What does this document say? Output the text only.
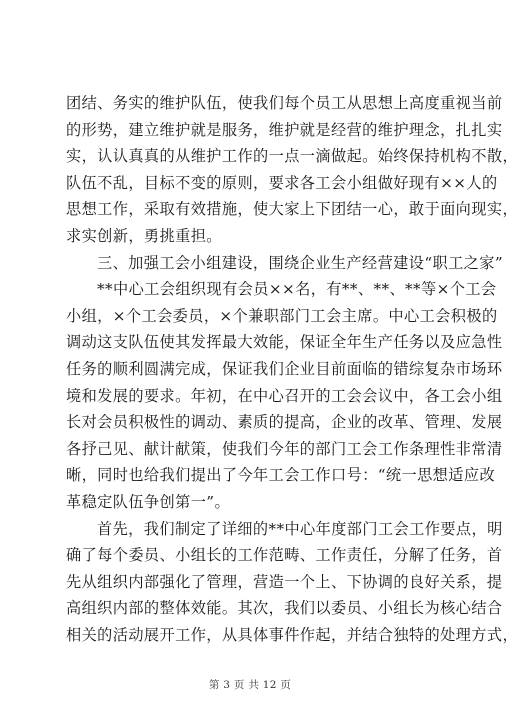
团结、务实的维护队伍，使我们每个员工从思想上高度重视当前
的形势，建立维护就是服务，维护就是经营的维护理念，扎扎实
实，认认真真的从维护工作的一点一滴做起。始终保持机构不散，
队伍不乱，目标不变的原则，要求各工会小组做好现有××人的
思想工作，采取有效措施，使大家上下团结一心，敢于面向现实，
求实创新，勇挑重担。

三、加强工会小组建设，围绕企业生产经营建设“职工之家”

**中心工会组织现有会员××名，有**、**、**等×个工会
小组，×个工会委员，×个兼职部门工会主席。中心工会积极的
调动这支队伍使其发挥最大效能，保证全年生产任务以及应急性
任务的顺利圆满完成，保证我们企业目前面临的错综复杂市场环
境和发展的要求。年初，在中心召开的工会会议中，各工会小组
长对会员积极性的调动、素质的提高，企业的改革、管理、发展
各抒己见、献计献策，使我们今年的部门工会工作条理性非常清
晰，同时也给我们提出了今年工会工作口号：“统一思想适应改
革稳定队伍争创第一”。

首先，我们制定了详细的**中心年度部门工会工作要点，明
确了每个委员、小组长的工作范畴、工作责任，分解了任务，首
先从组织内部强化了管理，营造一个上、下协调的良好关系，提
高组织内部的整体效能。其次，我们以委员、小组长为核心结合
相关的活动展开工作，从具体事件作起，并结合独特的处理方式，

第 3 页 共 12 页
